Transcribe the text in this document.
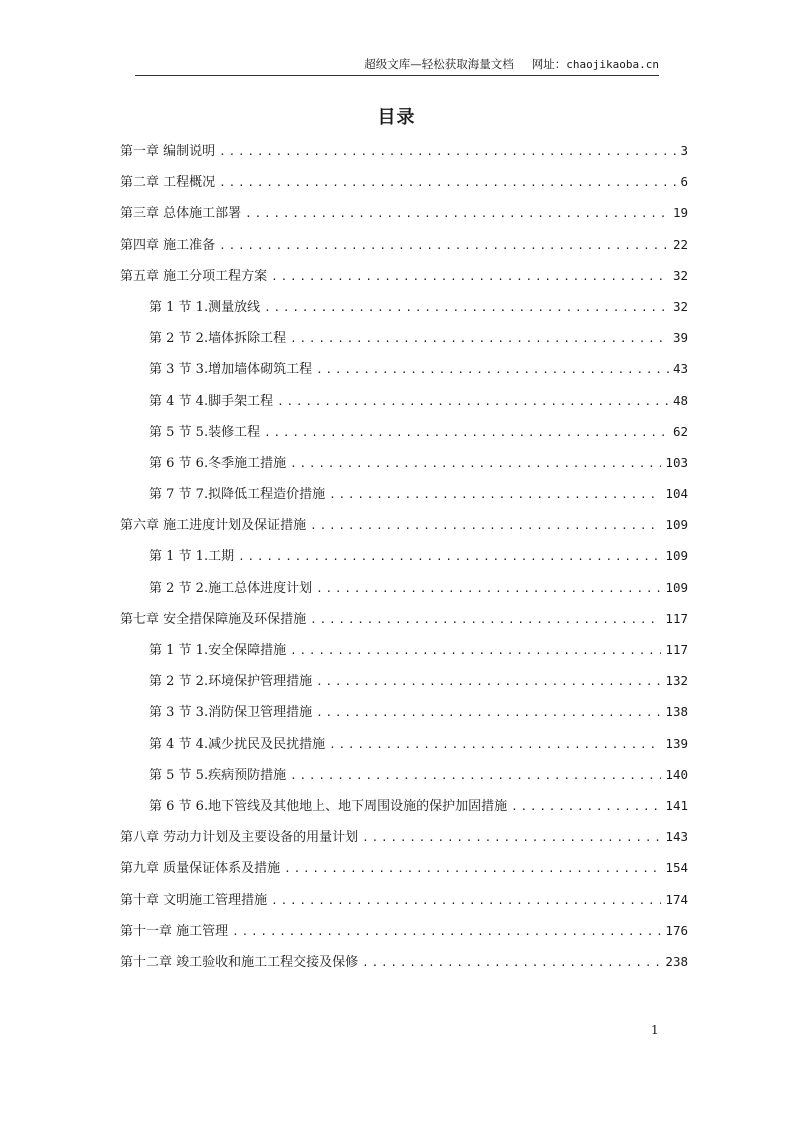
超级文库—轻松获取海量文档 网址：chaojikaoba.cn
目录
第一章 编制说明 .....	3
第二章 工程概况 .....	6
第三章 总体施工部署 .....	19
第四章 施工准备 .....	22
第五章 施工分项工程方案 .....	32
第 1 节 1.测量放线 .....	32
第 2 节 2.墙体拆除工程 .....	39
第 3 节 3.增加墙体砌筑工程 .....	43
第 4 节 4.脚手架工程 .....	48
第 5 节 5.装修工程 .....	62
第 6 节 6.冬季施工措施 .....	103
第 7 节 7.拟降低工程造价措施 .....	104
第六章 施工进度计划及保证措施 .....	109
第 1 节 1.工期 .....	109
第 2 节 2.施工总体进度计划 .....	109
第七章 安全措保障施及环保措施 .....	117
第 1 节 1.安全保障措施 .....	117
第 2 节 2.环境保护管理措施 .....	132
第 3 节 3.消防保卫管理措施 .....	138
第 4 节 4.减少扰民及民扰措施 .....	139
第 5 节 5.疾病预防措施 .....	140
第 6 节 6.地下管线及其他地上、地下周围设施的保护加固措施 .....	141
第八章 劳动力计划及主要设备的用量计划 .....	143
第九章 质量保证体系及措施 .....	154
第十章 文明施工管理措施 .....	174
第十一章 施工管理 .....	176
第十二章 竣工验收和施工工程交接及保修 .....	238
1
